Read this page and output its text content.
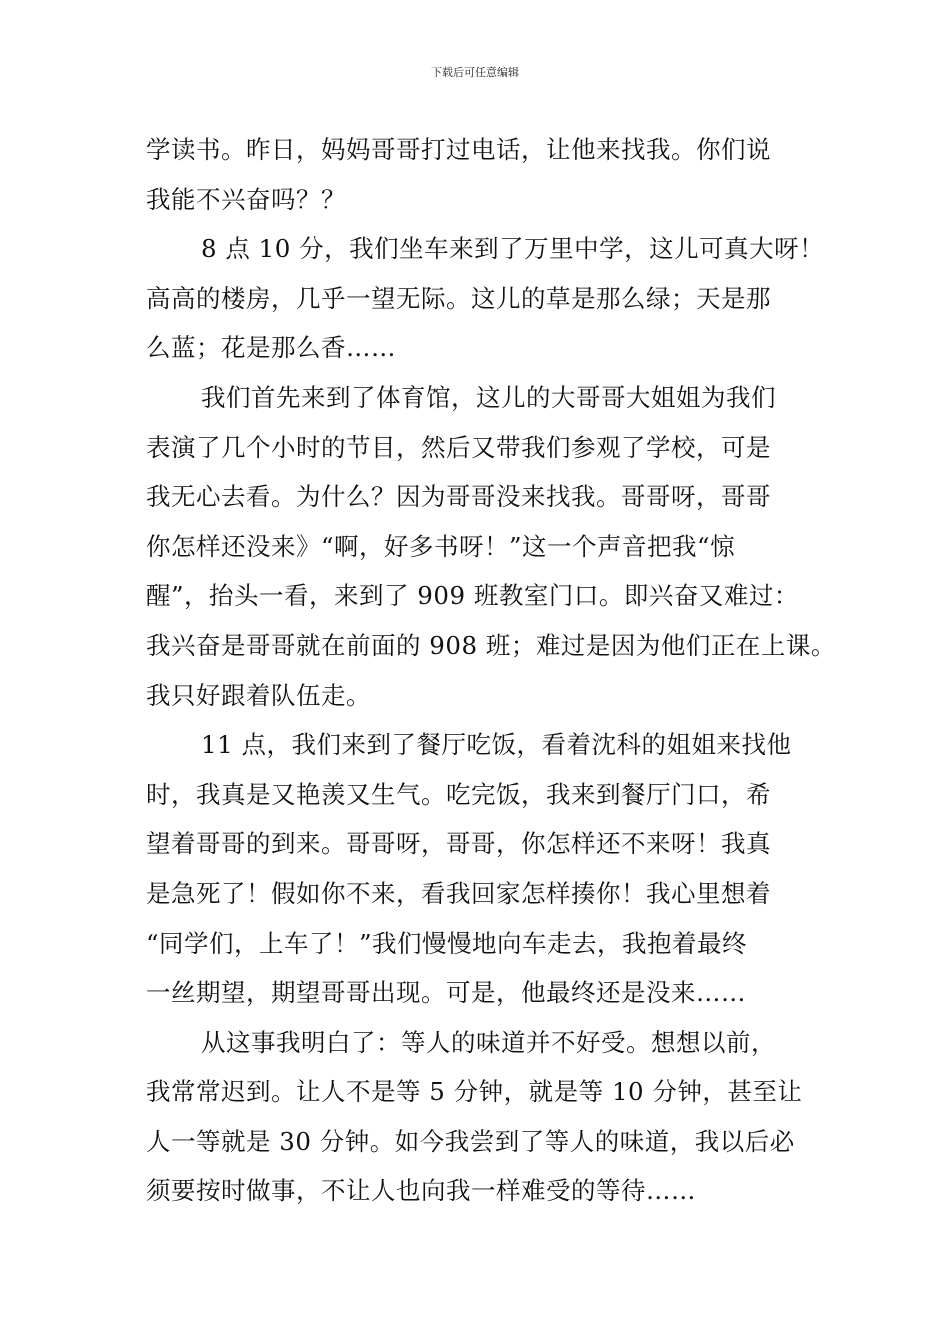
下载后可任意编辑
学读书。昨日，妈妈哥哥打过电话，让他来找我。你们说
我能不兴奋吗？？
8 点 10 分，我们坐车来到了万里中学，这儿可真大呀！
高高的楼房，几乎一望无际。这儿的草是那么绿；天是那
么蓝；花是那么香……
我们首先来到了体育馆，这儿的大哥哥大姐姐为我们
表演了几个小时的节目，然后又带我们参观了学校，可是
我无心去看。为什么？因为哥哥没来找我。哥哥呀，哥哥
你怎样还没来》“啊，好多书呀！”这一个声音把我“惊
醒”，抬头一看，来到了 909 班教室门口。即兴奋又难过：
我兴奋是哥哥就在前面的 908 班；难过是因为他们正在上课。
我只好跟着队伍走。
11 点，我们来到了餐厅吃饭，看着沈科的姐姐来找他
时，我真是又艳羡又生气。吃完饭，我来到餐厅门口，希
望着哥哥的到来。哥哥呀，哥哥，你怎样还不来呀！我真
是急死了！假如你不来，看我回家怎样揍你！我心里想着
“同学们，上车了！”我们慢慢地向车走去，我抱着最终
一丝期望，期望哥哥出现。可是，他最终还是没来……
从这事我明白了：等人的味道并不好受。想想以前，
我常常迟到。让人不是等 5 分钟，就是等 10 分钟，甚至让
人一等就是 30 分钟。如今我尝到了等人的味道，我以后必
须要按时做事，不让人也向我一样难受的等待……
